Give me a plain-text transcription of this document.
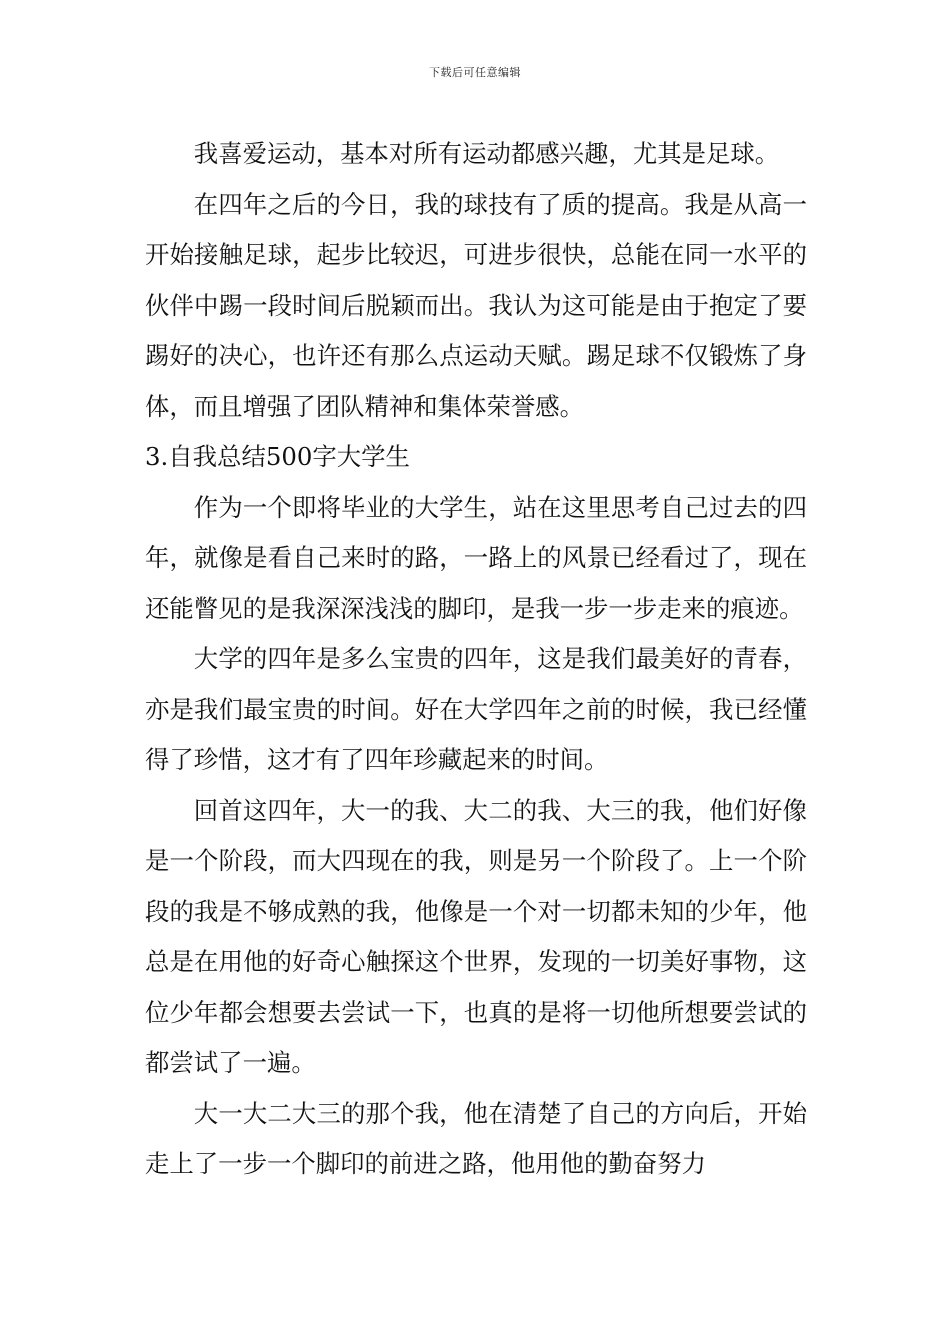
下载后可任意编辑

我喜爱运动，基本对所有运动都感兴趣，尤其是足球。

在四年之后的今日，我的球技有了质的提高。我是从高一开始接触足球，起步比较迟，可进步很快，总能在同一水平的伙伴中踢一段时间后脱颖而出。我认为这可能是由于抱定了要踢好的决心，也许还有那么点运动天赋。踢足球不仅锻炼了身体，而且增强了团队精神和集体荣誉感。

3.自我总结500字大学生

作为一个即将毕业的大学生，站在这里思考自己过去的四年，就像是看自己来时的路，一路上的风景已经看过了，现在还能瞥见的是我深深浅浅的脚印，是我一步一步走来的痕迹。

大学的四年是多么宝贵的四年，这是我们最美好的青春，亦是我们最宝贵的时间。好在大学四年之前的时候，我已经懂得了珍惜，这才有了四年珍藏起来的时间。

回首这四年，大一的我、大二的我、大三的我，他们好像是一个阶段，而大四现在的我，则是另一个阶段了。上一个阶段的我是不够成熟的我，他像是一个对一切都未知的少年，他总是在用他的好奇心触探这个世界，发现的一切美好事物，这位少年都会想要去尝试一下，也真的是将一切他所想要尝试的都尝试了一遍。

大一大二大三的那个我，他在清楚了自己的方向后，开始走上了一步一个脚印的前进之路，他用他的勤奋努力
